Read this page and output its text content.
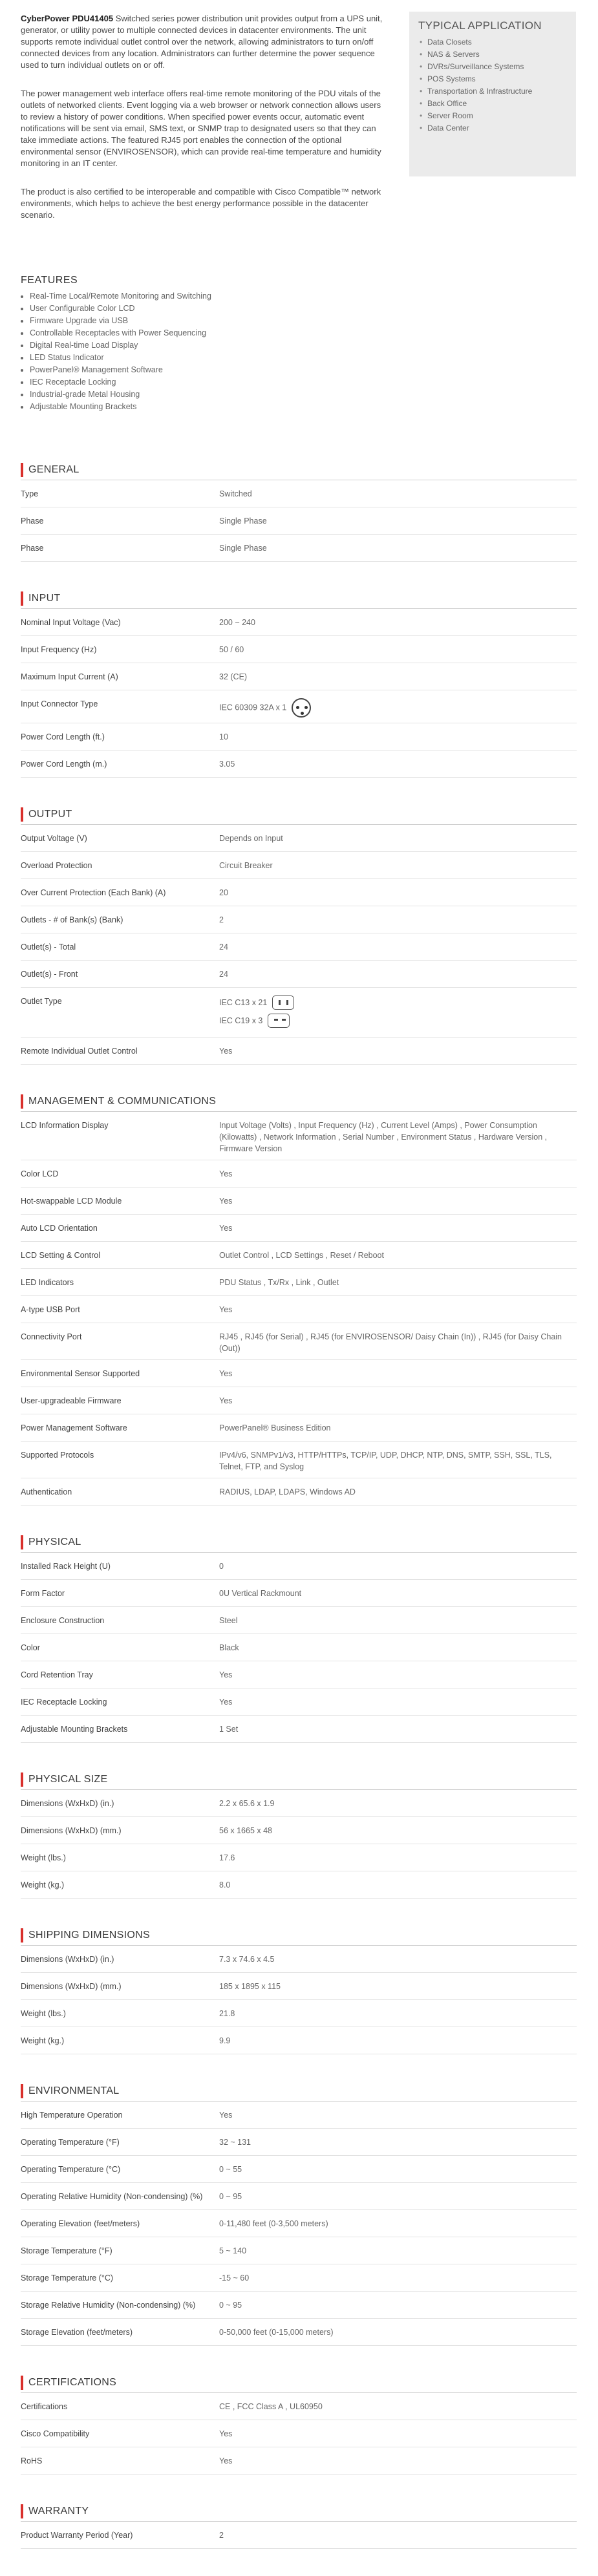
CyberPower PDU41405 Switched series power distribution unit provides output from a UPS unit, generator, or utility power to multiple connected devices in datacenter environments. The unit supports remote individual outlet control over the network, allowing administrators to turn on/off connected devices from any location. Administrators can further determine the power sequence used to turn individual outlets on or off.

The power management web interface offers real-time remote monitoring of the PDU vitals of the outlets of networked clients. Event logging via a web browser or network connection allows users to review a history of power conditions. When specified power events occur, automatic event notifications will be sent via email, SMS text, or SNMP trap to designated users so that they can take immediate actions. The featured RJ45 port enables the connection of the optional environmental sensor (ENVIROSENSOR), which can provide real-time temperature and humidity monitoring in an IT center.

The product is also certified to be interoperable and compatible with Cisco Compatible™ network environments, which helps to achieve the best energy performance possible in the datacenter scenario.

TYPICAL APPLICATION
• Data Closets
• NAS & Servers
• DVRs/Surveillance Systems
• POS Systems
• Transportation & Infrastructure
• Back Office
• Server Room
• Data Center
FEATURES
• Real-Time Local/Remote Monitoring and Switching
• User Configurable Color LCD
• Firmware Upgrade via USB
• Controllable Receptacles with Power Sequencing
• Digital Real-time Load Display
• LED Status Indicator
• PowerPanel® Management Software
• IEC Receptacle Locking
• Industrial-grade Metal Housing
• Adjustable Mounting Brackets
GENERAL
Type	Switched
Phase	Single Phase
Phase	Single Phase
INPUT
Nominal Input Voltage (Vac)	200 ~ 240
Input Frequency (Hz)	50 / 60
Maximum Input Current (A)	32 (CE)
Input Connector Type	IEC 60309 32A x 1
Power Cord Length (ft.)	10
Power Cord Length (m.)	3.05
OUTPUT
Output Voltage (V)	Depends on Input
Overload Protection	Circuit Breaker
Over Current Protection (Each Bank) (A)	20
Outlets - # of Bank(s) (Bank)	2
Outlet(s) - Total	24
Outlet(s) - Front	24
Outlet Type	IEC C13 x 21
IEC C19 x 3
Remote Individual Outlet Control	Yes
MANAGEMENT & COMMUNICATIONS
LCD Information Display	Input Voltage (Volts) , Input Frequency (Hz) , Current Level (Amps) , Power Consumption (Kilowatts) , Network Information , Serial Number , Environment Status , Hardware Version , Firmware Version
Color LCD	Yes
Hot-swappable LCD Module	Yes
Auto LCD Orientation	Yes
LCD Setting & Control	Outlet Control , LCD Settings , Reset / Reboot
LED Indicators	PDU Status , Tx/Rx , Link , Outlet
A-type USB Port	Yes
Connectivity Port	RJ45 , RJ45 (for Serial) , RJ45 (for ENVIROSENSOR/ Daisy Chain (In)) , RJ45 (for Daisy Chain (Out))
Environmental Sensor Supported	Yes
User-upgradeable Firmware	Yes
Power Management Software	PowerPanel® Business Edition
Supported Protocols	IPv4/v6, SNMPv1/v3, HTTP/HTTPs, TCP/IP, UDP, DHCP, NTP, DNS, SMTP, SSH, SSL, TLS, Telnet, FTP, and Syslog
Authentication	RADIUS, LDAP, LDAPS, Windows AD
PHYSICAL
Installed Rack Height (U)	0
Form Factor	0U Vertical Rackmount
Enclosure Construction	Steel
Color	Black
Cord Retention Tray	Yes
IEC Receptacle Locking	Yes
Adjustable Mounting Brackets	1 Set
PHYSICAL SIZE
Dimensions (WxHxD) (in.)	2.2 x 65.6 x 1.9
Dimensions (WxHxD) (mm.)	56 x 1665 x 48
Weight (lbs.)	17.6
Weight (kg.)	8.0
SHIPPING DIMENSIONS
Dimensions (WxHxD) (in.)	7.3 x 74.6 x 4.5
Dimensions (WxHxD) (mm.)	185 x 1895 x 115
Weight (lbs.)	21.8
Weight (kg.)	9.9
ENVIRONMENTAL
High Temperature Operation	Yes
Operating Temperature (°F)	32 ~ 131
Operating Temperature (°C)	0 ~ 55
Operating Relative Humidity (Non-condensing) (%)	0 ~ 95
Operating Elevation (feet/meters)	0-11,480 feet (0-3,500 meters)
Storage Temperature (°F)	5 ~ 140
Storage Temperature (°C)	-15 ~ 60
Storage Relative Humidity (Non-condensing) (%)	0 ~ 95
Storage Elevation (feet/meters)	0-50,000 feet (0-15,000 meters)
CERTIFICATIONS
Certifications	CE , FCC Class A , UL60950
Cisco Compatibility	Yes
RoHS	Yes
WARRANTY
Product Warranty Period (Year)	2
